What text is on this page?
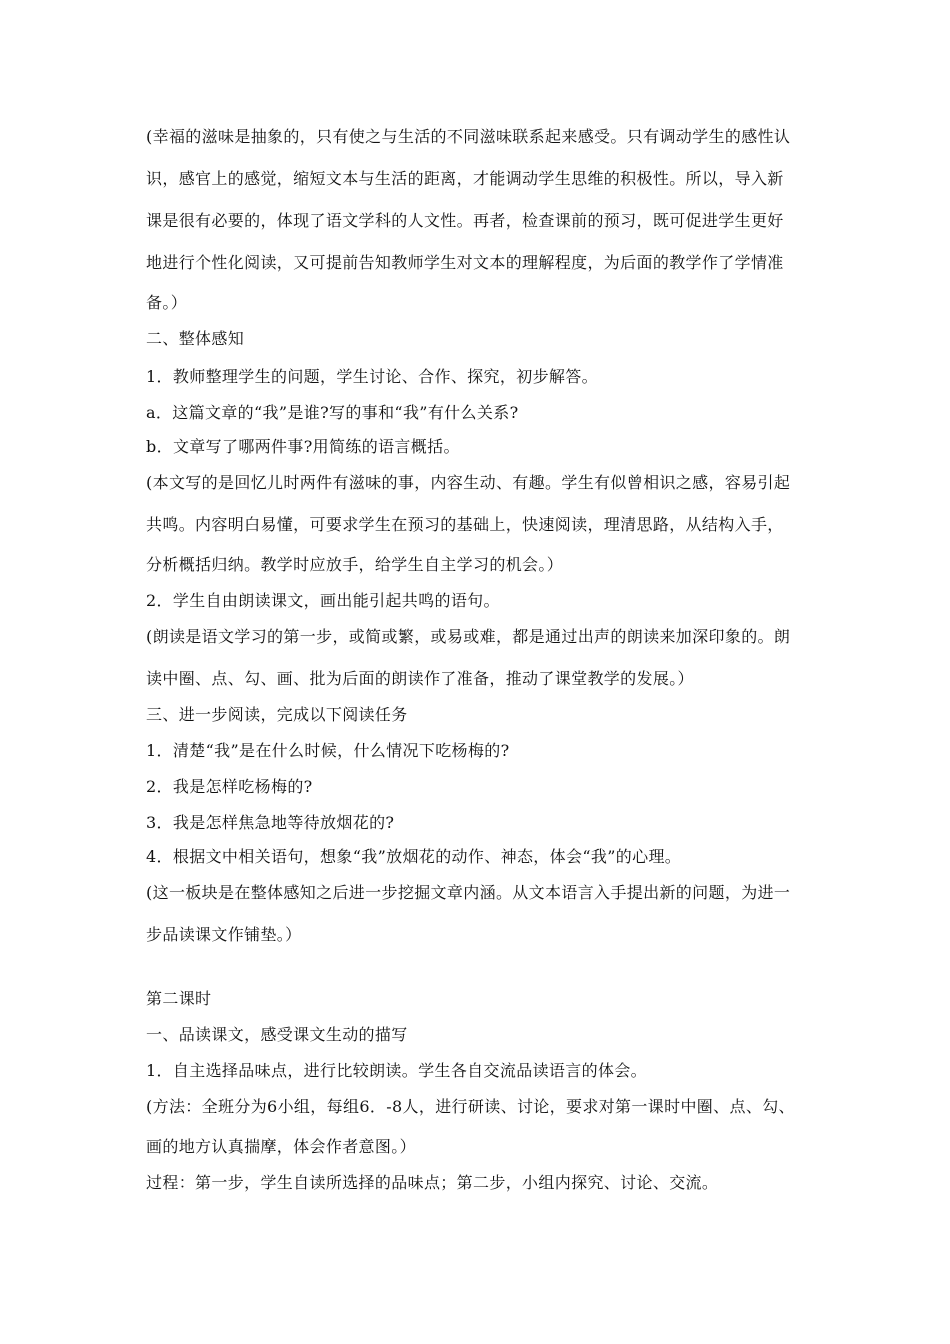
(幸福的滋味是抽象的，只有使之与生活的不同滋味联系起来感受。只有调动学生的感性认
识，感官上的感觉，缩短文本与生活的距离，才能调动学生思维的积极性。所以，导入新
课是很有必要的，体现了语文学科的人文性。再者，检查课前的预习，既可促进学生更好
地进行个性化阅读，又可提前告知教师学生对文本的理解程度，为后面的教学作了学情准
备。）
二、整体感知
1．教师整理学生的问题，学生讨论、合作、探究，初步解答。
a．这篇文章的“我”是谁?写的事和“我”有什么关系?
b．文章写了哪两件事?用简练的语言概括。
(本文写的是回忆儿时两件有滋味的事，内容生动、有趣。学生有似曾相识之感，容易引起
共鸣。内容明白易懂，可要求学生在预习的基础上，快速阅读，理清思路，从结构入手，
分析概括归纳。教学时应放手，给学生自主学习的机会。）
2．学生自由朗读课文，画出能引起共鸣的语句。
(朗读是语文学习的第一步，或简或繁，或易或难，都是通过出声的朗读来加深印象的。朗
读中圈、点、勾、画、批为后面的朗读作了准备，推动了课堂教学的发展。）
三、进一步阅读，完成以下阅读任务
1．清楚“我”是在什么时候，什么情况下吃杨梅的?
2．我是怎样吃杨梅的?
3．我是怎样焦急地等待放烟花的?
4．根据文中相关语句，想象“我”放烟花的动作、神态，体会“我”的心理。
(这一板块是在整体感知之后进一步挖掘文章内涵。从文本语言入手提出新的问题，为进一
步品读课文作铺垫。）
第二课时
一、品读课文，感受课文生动的描写
1．自主选择品味点，进行比较朗读。学生各自交流品读语言的体会。
(方法：全班分为6小组，每组6．-8人，进行研读、讨论，要求对第一课时中圈、点、勾、
画的地方认真揣摩，体会作者意图。）
过程：第一步，学生自读所选择的品味点；第二步，小组内探究、讨论、交流。
